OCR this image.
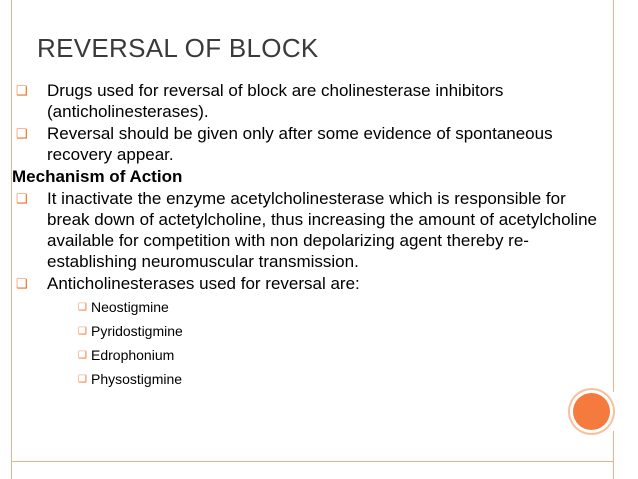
REVERSAL OF BLOCK
❑ Drugs used for reversal of block are cholinesterase inhibitors (anticholinesterases).
❑ Reversal should be given only after some evidence of spontaneous recovery appear.
Mechanism of Action
❑ It inactivate the enzyme acetylcholinesterase which is responsible for break down of actetylcholine, thus increasing the amount of acetylcholine available for competition with non depolarizing agent thereby re-establishing neuromuscular transmission.
❑ Anticholinesterases used for reversal are:
❑ Neostigmine
❑ Pyridostigmine
❑ Edrophonium
❑ Physostigmine
